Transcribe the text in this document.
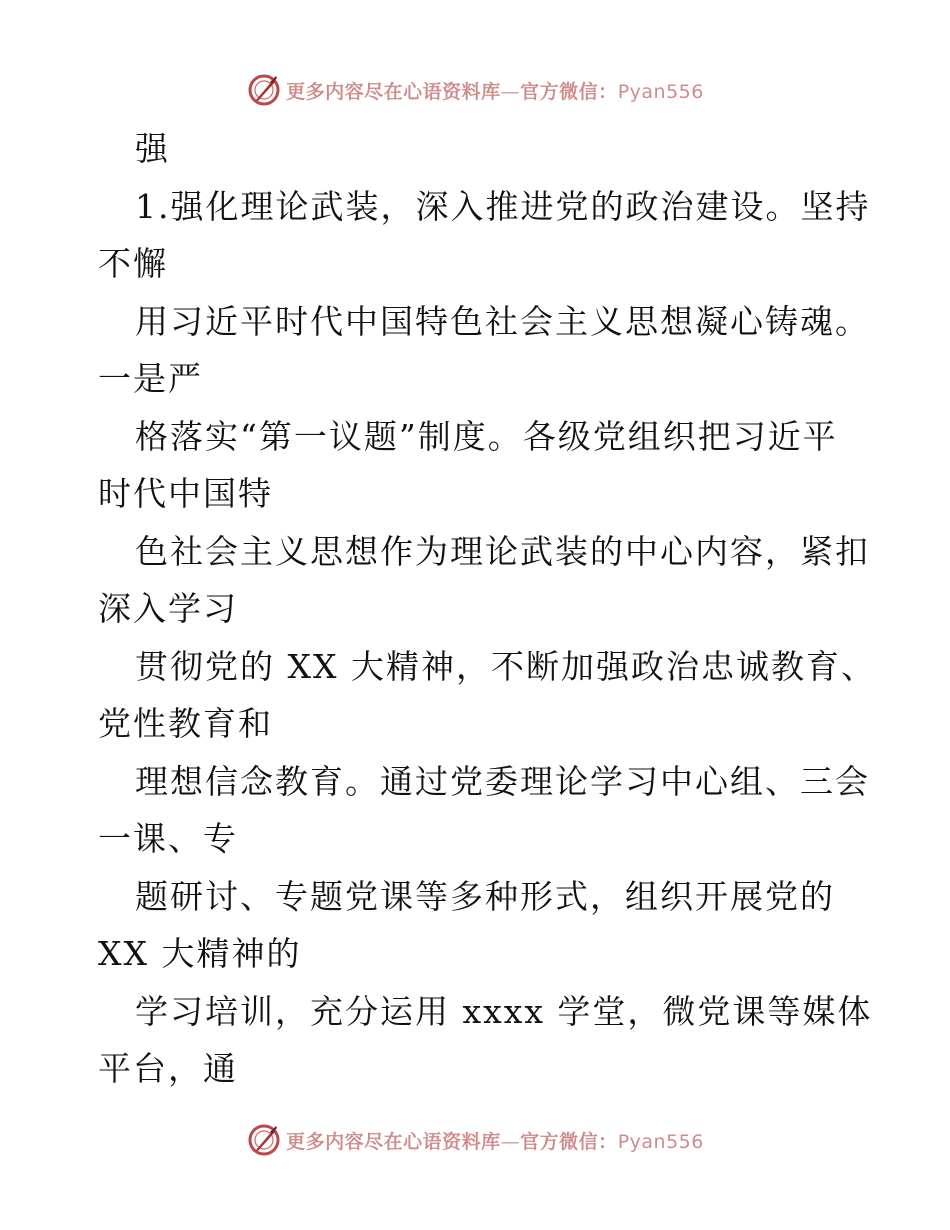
更多内容尽在心语资料库—官方微信：Pyan556
强
1.强化理论武装，深入推进党的政治建设。坚持
不懈
用习近平时代中国特色社会主义思想凝心铸魂。
一是严
格落实“第一议题”制度。各级党组织把习近平
时代中国特
色社会主义思想作为理论武装的中心内容，紧扣
深入学习
贯彻党的 XX 大精神，不断加强政治忠诚教育、
党性教育和
理想信念教育。通过党委理论学习中心组、三会
一课、专
题研讨、专题党课等多种形式，组织开展党的
XX 大精神的
学习培训，充分运用 xxxx 学堂，微党课等媒体
平台，通
更多内容尽在心语资料库—官方微信：Pyan556
